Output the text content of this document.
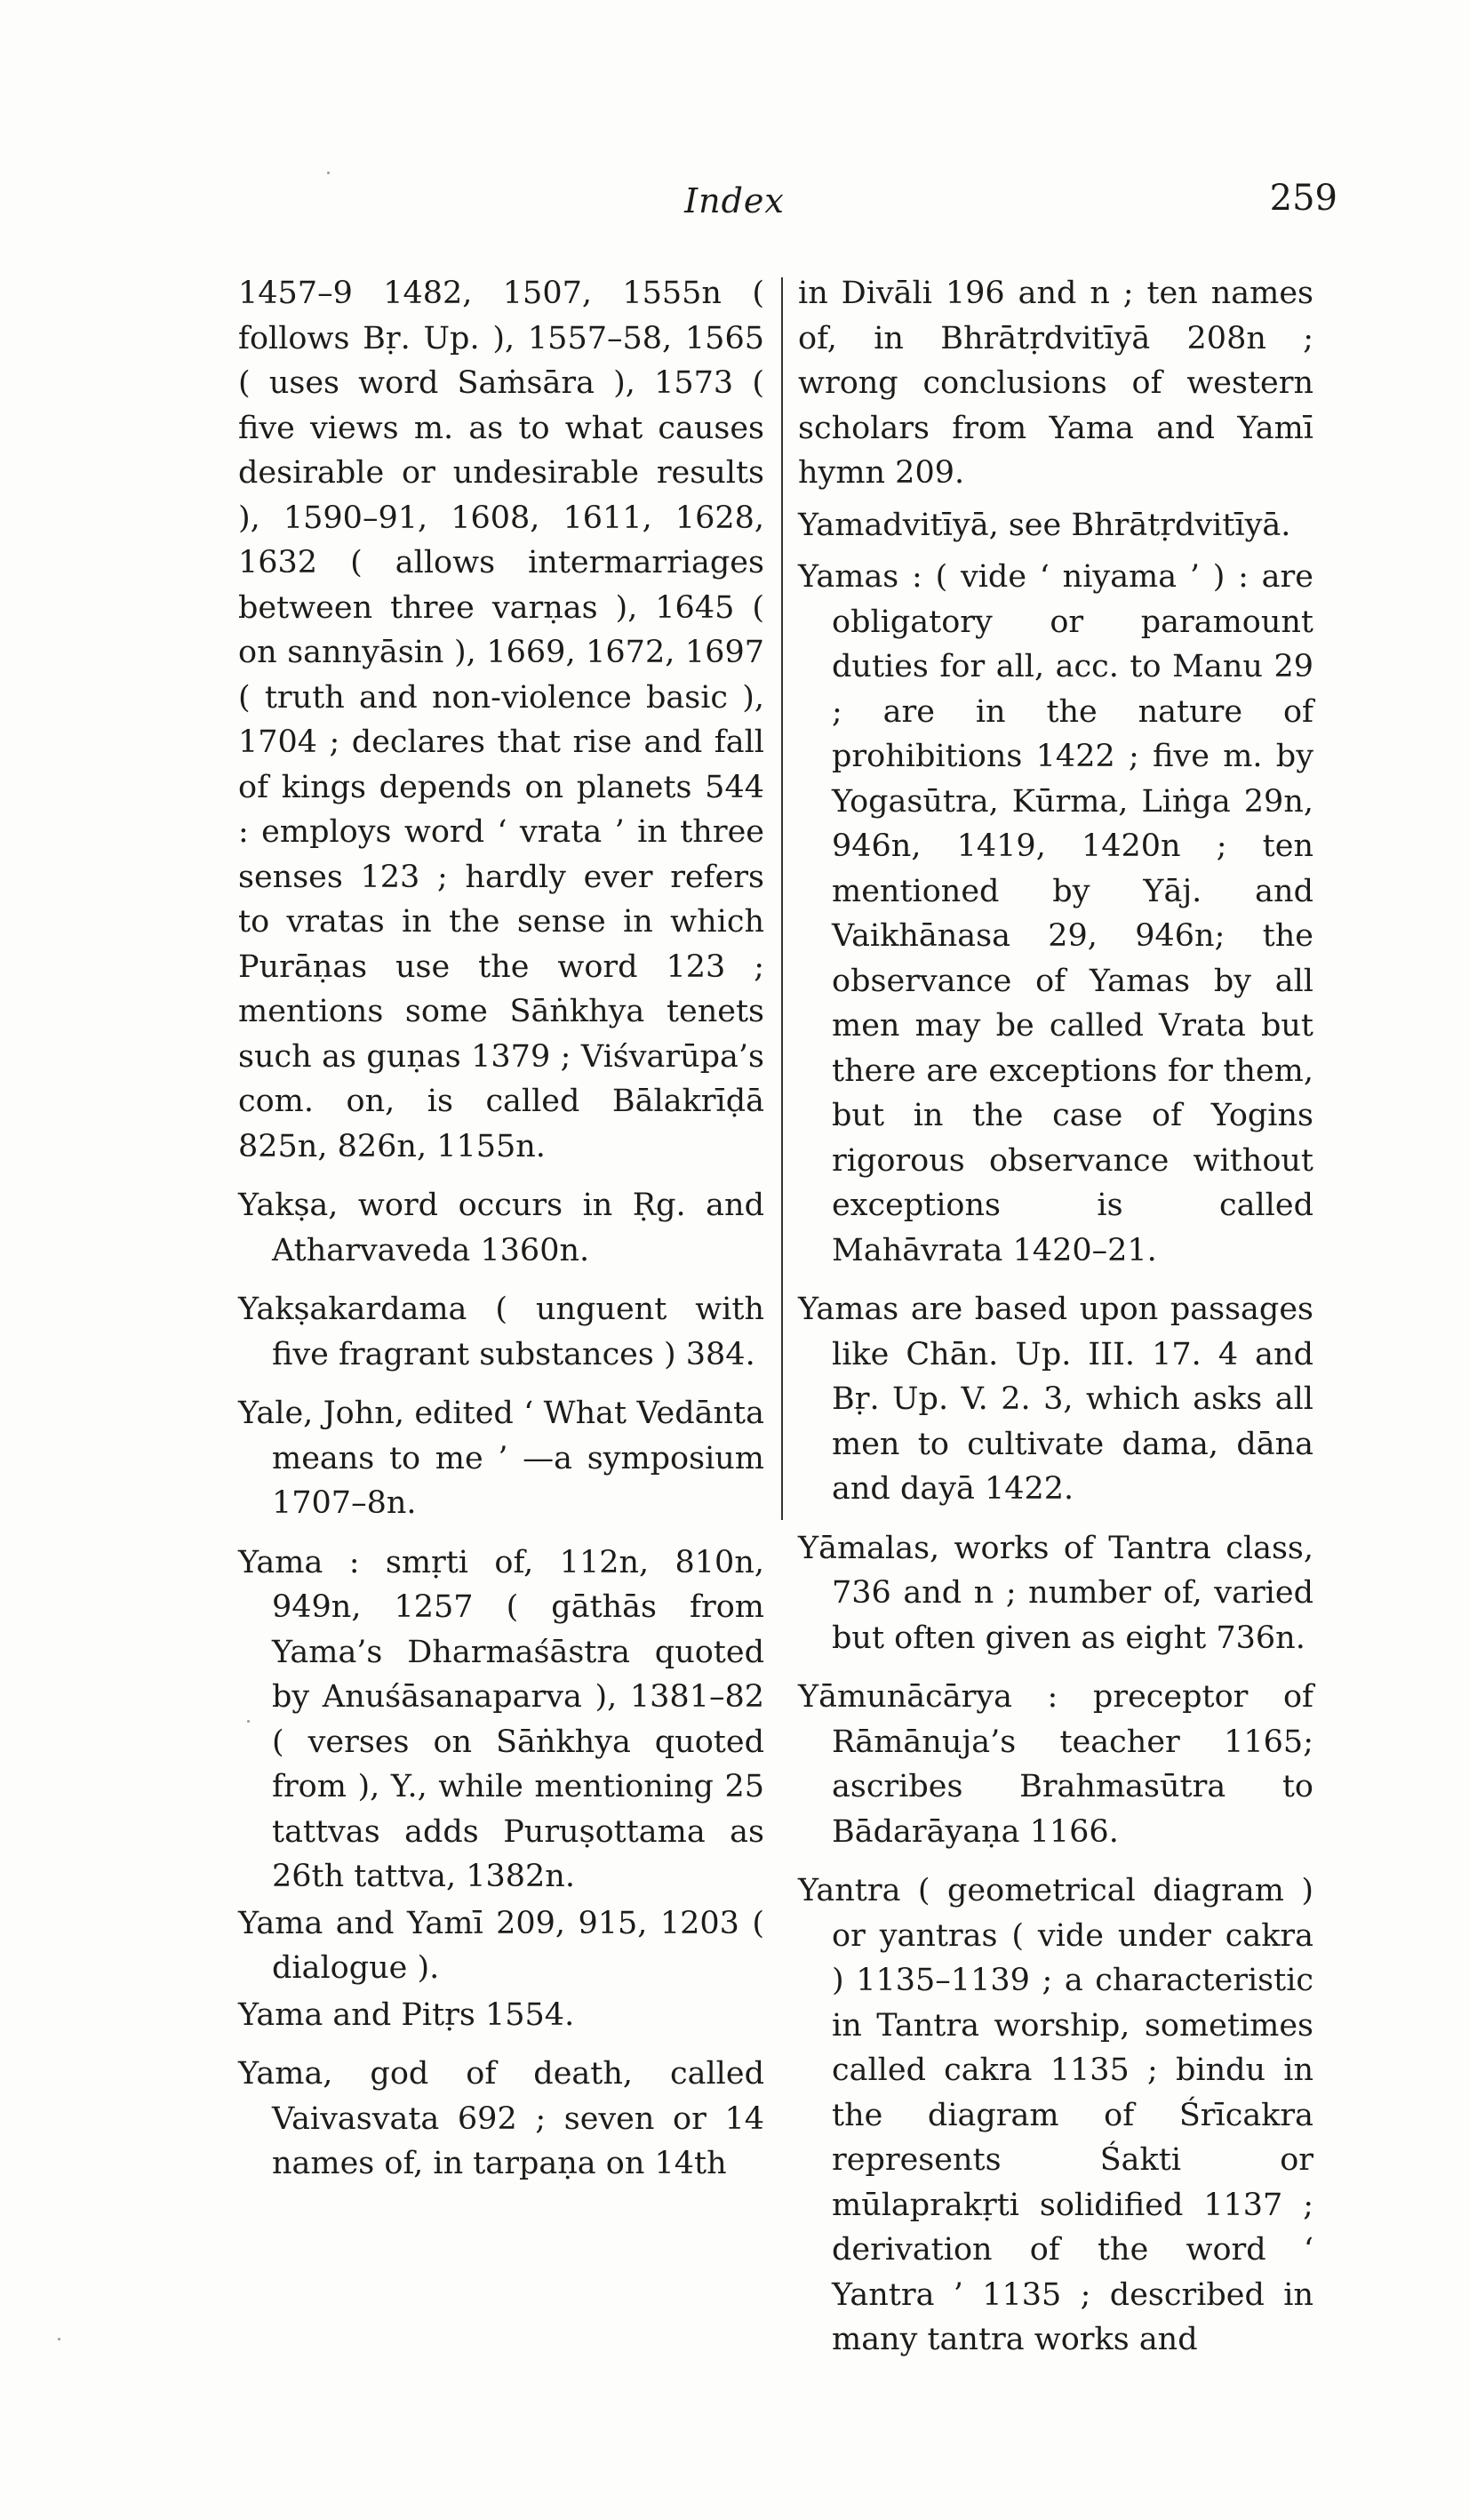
Index	259

1457–9 1482, 1507, 1555n ( follows Bṛ. Up. ), 1557–58, 1565 ( uses word Saṁsāra ), 1573 ( five views m. as to what causes desirable or undesirable results ), 1590–91, 1608, 1611, 1628, 1632 ( allows intermarriages between three varṇas ), 1645 ( on sannyāsin ), 1669, 1672, 1697 ( truth and non-violence basic ), 1704 ; declares that rise and fall of kings depends on planets 544 : employs word ‘ vrata ’ in three senses 123 ; hardly ever refers to vratas in the sense in which Purāṇas use the word 123 ; mentions some Sāṅkhya tenets such as guṇas 1379 ; Viśvarūpa’s com. on, is called Bālakrīḍā 825n, 826n, 1155n.

Yakṣa, word occurs in Ṛg. and Atharvaveda 1360n.

Yakṣakardama ( unguent with five fragrant substances ) 384.

Yale, John, edited ‘ What Vedānta means to me ’ —a symposium 1707–8n.

Yama : smṛti of, 112n, 810n, 949n, 1257 ( gāthās from Yama’s Dharmaśāstra quoted by Anuśāsanaparva ), 1381–82 ( verses on Sāṅkhya quoted from ), Y., while mentioning 25 tattvas adds Puruṣottama as 26th tattva, 1382n.

Yama and Yamī 209, 915, 1203 ( dialogue ).

Yama and Pitṛs 1554.

Yama, god of death, called Vaivasvata 692 ; seven or 14 names of, in tarpaṇa on 14th

in Divāli 196 and n ; ten names of, in Bhrātṛdvitīyā 208n ; wrong conclusions of western scholars from Yama and Yamī hymn 209.

Yamadvitīyā, see Bhrātṛdvitīyā.

Yamas : ( vide ‘ niyama ’ ) : are obligatory or paramount duties for all, acc. to Manu 29 ; are in the nature of prohibitions 1422 ; five m. by Yogasūtra, Kūrma, Liṅga 29n, 946n, 1419, 1420n ; ten mentioned by Yāj. and Vaikhānasa 29, 946n; the observance of Yamas by all men may be called Vrata but there are exceptions for them, but in the case of Yogins rigorous observance without exceptions is called Mahāvrata 1420–21.

Yamas are based upon passages like Chān. Up. III. 17. 4 and Bṛ. Up. V. 2. 3, which asks all men to cultivate dama, dāna and dayā 1422.

Yāmalas, works of Tantra class, 736 and n ; number of, varied but often given as eight 736n.

Yāmunācārya : preceptor of Rāmānuja’s teacher 1165; ascribes Brahmasūtra to Bādarāyaṇa 1166.

Yantra ( geometrical diagram ) or yantras ( vide under cakra ) 1135–1139 ; a characteristic in Tantra worship, sometimes called cakra 1135 ; bindu in the diagram of Śrīcakra represents Śakti or mūlaprakṛti solidified 1137 ; derivation of the word ‘ Yantra ’ 1135 ; described in many tantra works and
